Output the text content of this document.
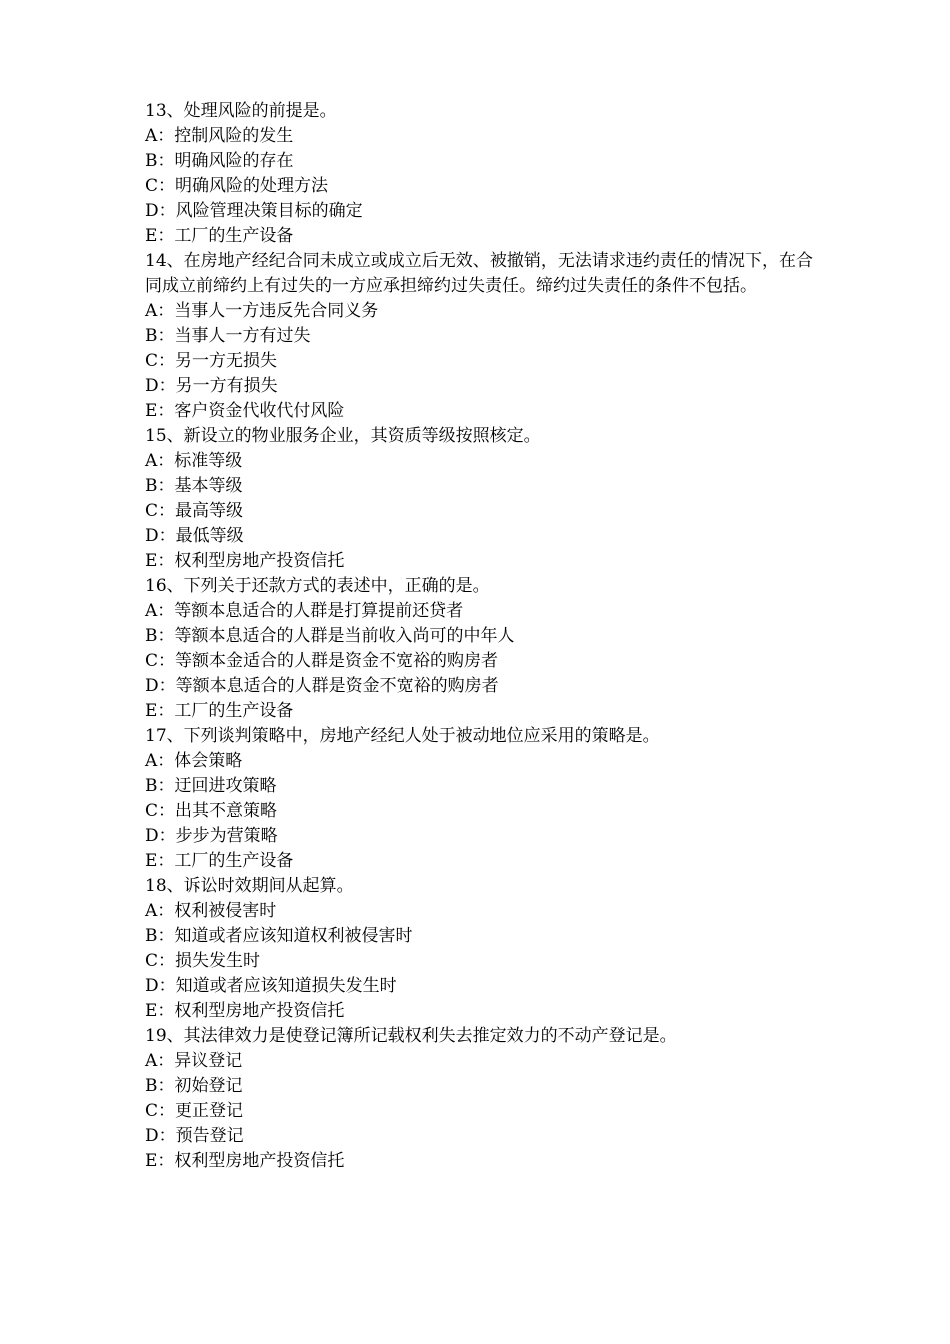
13、处理风险的前提是。

A：控制风险的发生

B：明确风险的存在

C：明确风险的处理方法

D：风险管理决策目标的确定

E：工厂的生产设备

14、在房地产经纪合同未成立或成立后无效、被撤销，无法请求违约责任的情况下，在合同成立前缔约上有过失的一方应承担缔约过失责任。缔约过失责任的条件不包括。

A：当事人一方违反先合同义务

B：当事人一方有过失

C：另一方无损失

D：另一方有损失

E：客户资金代收代付风险

15、新设立的物业服务企业，其资质等级按照核定。

A：标准等级

B：基本等级

C：最高等级

D：最低等级

E：权利型房地产投资信托

16、下列关于还款方式的表述中，正确的是。

A：等额本息适合的人群是打算提前还贷者

B：等额本息适合的人群是当前收入尚可的中年人

C：等额本金适合的人群是资金不宽裕的购房者

D：等额本息适合的人群是资金不宽裕的购房者

E：工厂的生产设备

17、下列谈判策略中，房地产经纪人处于被动地位应采用的策略是。

A：体会策略

B：迂回进攻策略

C：出其不意策略

D：步步为营策略

E：工厂的生产设备

18、诉讼时效期间从起算。

A：权利被侵害时

B：知道或者应该知道权利被侵害时

C：损失发生时

D：知道或者应该知道损失发生时

E：权利型房地产投资信托

19、其法律效力是使登记簿所记载权利失去推定效力的不动产登记是。

A：异议登记

B：初始登记

C：更正登记

D：预告登记

E：权利型房地产投资信托
